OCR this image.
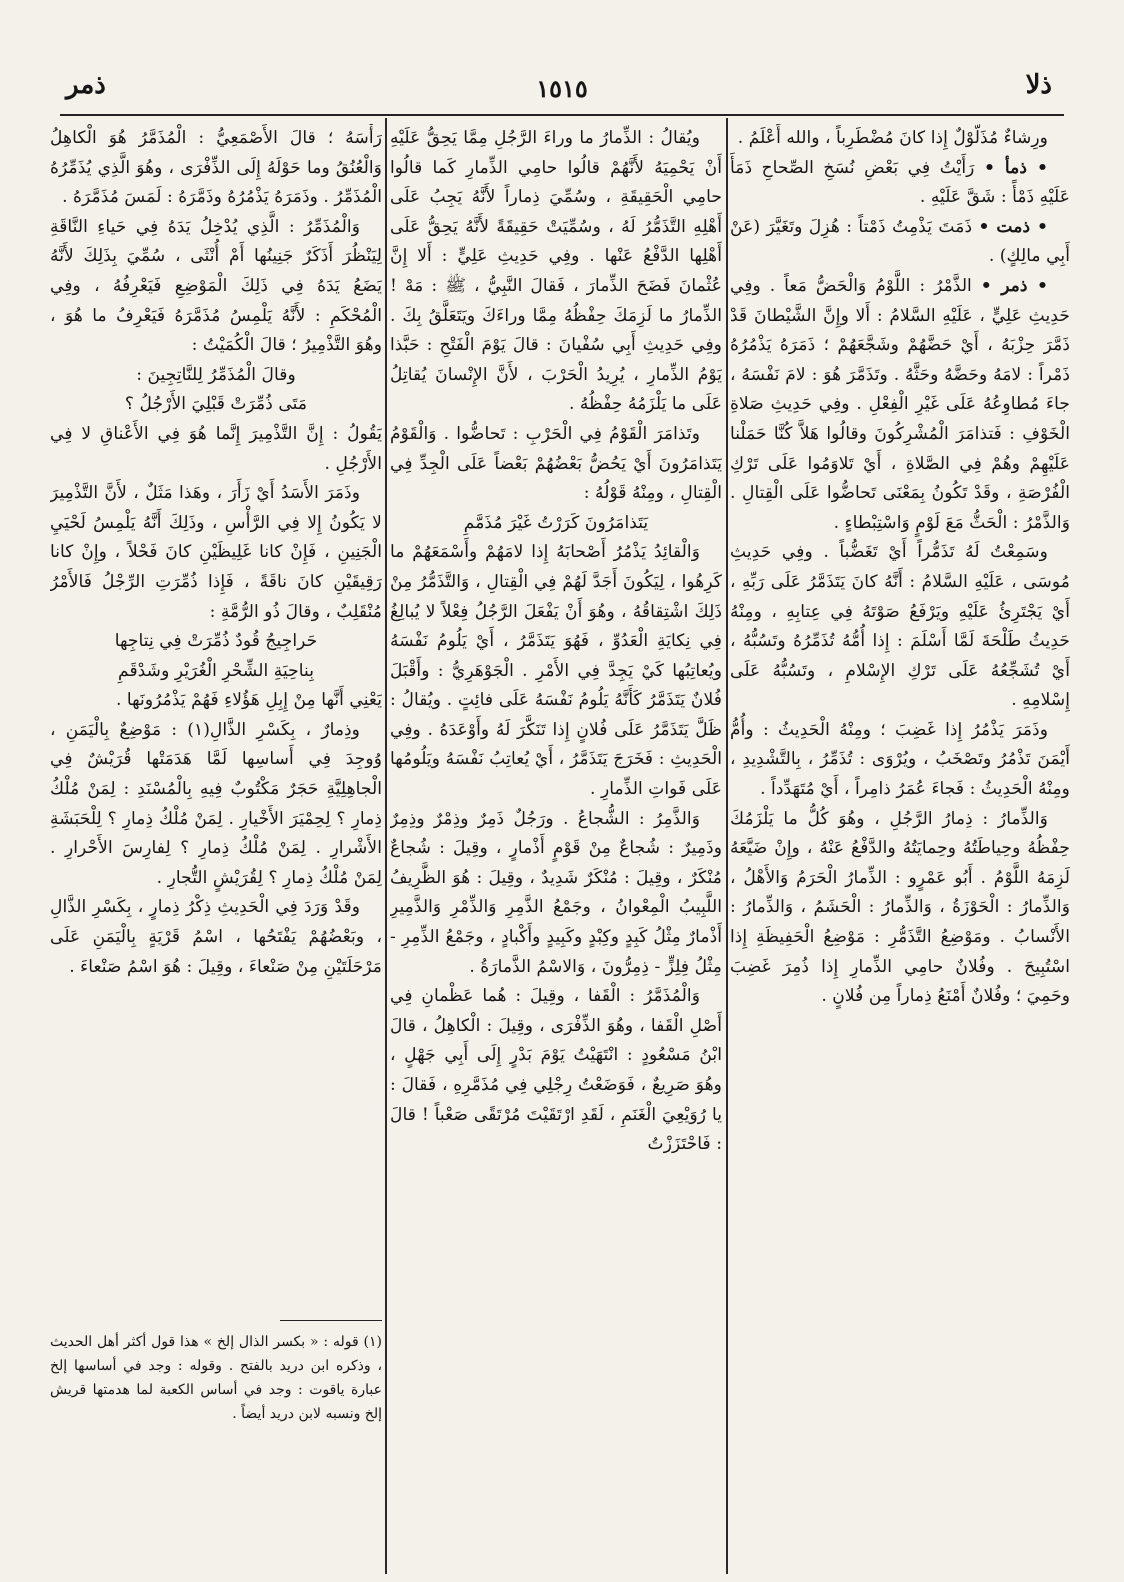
ذمر	١٥١٥	ذلا

ورِشاءٌ مُذَلَّوْلٌ إِذا كانَ مُضْطَرِباً ، والله أَعْلَمُ .

• ذمأ • رَأَيْتُ فِي بَعْضِ نُسَخِ الصِّحاحِ ذَمَأَ عَلَيْهِ ذَمْأً : شَقَّ عَلَيْهِ .

• ذمت • ذَمَتَ يَذْمِتُ ذَمْتاً : هُزِلَ وتَغَيَّرَ (عَنْ أَبِي مالِكٍ) .

• ذمر • الذَّمْرُ : اللَّوْمُ وَالْحَضُّ مَعاً . وفِي حَدِيثِ عَلِيٍّ ، عَلَيْهِ السَّلامُ : أَلا وإِنَّ الشَّيْطانَ قَدْ ذَمَّرَ حِزْبَهُ ، أَيْ حَضَّهُمْ وشَجَّعَهُمْ ؛ ذَمَرَهُ يَذْمُرُهُ ذَمْراً : لامَهُ وحَضَّهُ وحَثَّهُ . وتَذَمَّرَ هُوَ : لامَ نَفْسَهُ ، جاءَ مُطاوِعُهُ عَلَى غَيْرِ الْفِعْلِ . وفِي حَدِيثِ صَلاةِ الْخَوْفِ : فَتذامَرَ الْمُشْرِكُونَ وقالُوا هَلاَّ كُنَّا حَمَلْنا عَلَيْهِمْ وهُمْ فِي الصَّلاةِ ، أَيْ تَلاوَمُوا عَلَى تَرْكِ الْفُرْصَةِ ، وقَدْ تَكُونُ بِمَعْنَى تَحاضُّوا عَلَى الْقِتالِ . وَالذَّمْرُ : الْحَثُّ مَعَ لَوْمٍ وَاسْتِبْطاءٍ .

وسَمِعْتُ لَهُ تَذَمُّراً أَيْ تَغَضُّباً . وفِي حَدِيثِ مُوسَى ، عَلَيْهِ السَّلامُ : أَنَّهُ كانَ يَتَذَمَّرُ عَلَى رَبِّهِ ، أَيْ يَجْتَرِئُ عَلَيْهِ ويَرْفَعُ صَوْتَهُ فِي عِتابِهِ ، ومِنْهُ حَدِيثُ طَلْحَةَ لَمَّا أَسْلَمَ : إِذا أُمُّهُ تُذَمِّرُهُ وتَسُبُّهُ ، أَيْ تُشَجِّعُهُ عَلَى تَرْكِ الإِسْلامِ ، وتَسُبُّهُ عَلَى إِسْلامِهِ .

وذَمَرَ يَذْمُرُ إِذا غَضِبَ ؛ ومِنْهُ الْحَدِيثُ : وأُمُّ أَيْمَنَ تَذْمُرُ وتَصْخَبُ ، ويُرْوَى : تُذَمِّرُ ، بِالتَّشْدِيدِ ، ومِنْهُ الْحَدِيثُ : فَجاءَ عُمَرُ ذامِراً ، أَيْ مُتَهَدِّداً .

وَالذِّمارُ : ذِمارُ الرَّجُلِ ، وهُوَ كُلُّ ما يَلْزَمُكَ حِفْظُهُ وحِياطَتُهُ وحِمايَتُهُ والدَّفْعُ عَنْهُ ، وإِنْ ضَيَّعَهُ لَزِمَهُ اللَّوْمُ . أَبُو عَمْرٍو : الذِّمارُ الْحَرَمُ وَالأَهْلُ ، وَالذِّمارُ : الْحَوْزَةُ ، وَالذِّمارُ : الْحَشَمُ ، وَالذِّمارُ : الأَنْسابُ . ومَوْضِعُ التَّذَمُّرِ : مَوْضِعُ الْحَفِيظَةِ إِذا اسْتُبِيحَ . وفُلانٌ حامِي الذِّمارِ إِذا ذُمِرَ غَضِبَ وحَمِيَ ؛ وفُلانٌ أَمْنَعُ ذِماراً مِن فُلانٍ .

ويُقالُ : الذِّمارُ ما وراءَ الرَّجُلِ مِمَّا يَحِقُّ عَلَيْهِ أَنْ يَحْمِيَهُ لأَنَّهُمْ قالُوا حامِي الذِّمارِ كَما قالُوا حامِي الْحَقِيقَةِ ، وسُمِّيَ ذِماراً لأَنَّهُ يَجِبُ عَلَى أَهْلِهِ التَّذَمُّرُ لَهُ ، وسُمِّيَتْ حَقِيقَةً لأَنَّهُ يَحِقُّ عَلَى أَهْلِها الدَّفْعُ عَنْها . وفِي حَدِيثِ عَلِيٍّ : أَلا إِنَّ عُثْمانَ فَضَحَ الذِّمارَ ، فَقالَ النَّبِيُّ ، ﷺ : مَهْ ! الذِّمارُ ما لَزِمَكَ حِفْظُهُ مِمَّا وراءَكَ ويَتَعَلَّقُ بِكَ . وفِي حَدِيثِ أَبِي سُفْيانَ : قالَ يَوْمَ الْفَتْحِ : حَبَّذا يَوْمُ الذِّمارِ ، يُرِيدُ الْحَرْبَ ، لأَنَّ الإِنْسانَ يُقاتِلُ عَلَى ما يَلْزَمُهُ حِفْظُهُ .

وتَذامَرَ الْقَوْمُ فِي الْحَرْبِ : تَحاضُّوا . وَالْقَوْمُ يَتَذامَرُونَ أَيْ يَحُضُّ بَعْضُهُمْ بَعْضاً عَلَى الْجِدِّ فِي الْقِتالِ ، ومِنْهُ قَوْلُهُ :

يَتَذامَرُونَ كَرَرْتُ غَيْرَ مُذَمَّمِ

وَالْقائِدُ يَذْمُرُ أَصْحابَهُ إِذا لامَهُمْ وأَسْمَعَهُمْ ما كَرِهُوا ، لِيَكُونَ أَجَدَّ لَهُمْ فِي الْقِتالِ ، وَالتَّذَمُّرُ مِنْ ذَلِكَ اشْتِقاقُهُ ، وهُوَ أَنْ يَفْعَلَ الرَّجُلُ فِعْلاً لا يُبالِغُ فِي نِكايَةِ الْعَدُوِّ ، فَهُوَ يَتَذَمَّرُ ، أَيْ يَلُومُ نَفْسَهُ ويُعاتِبُها كَيْ يَجِدَّ فِي الأَمْرِ . الْجَوْهَرِيُّ : وأَقْبَلَ فُلانٌ يَتَذَمَّرُ كَأَنَّهُ يَلُومُ نَفْسَهُ عَلَى فائِتٍ . ويُقالُ : ظَلَّ يَتَذَمَّرُ عَلَى فُلانٍ إِذا تَنَكَّرَ لَهُ وأَوْعَدَهُ . وفِي الْحَدِيثِ : فَخَرَجَ يَتَذَمَّرُ ، أَيْ يُعاتِبُ نَفْسَهُ ويَلُومُها عَلَى فَواتِ الذِّمارِ .

وَالذَّمِرُ : الشُّجاعُ . ورَجُلٌ ذَمِرٌ وذِمْرٌ وذِمِرٌ وذَمِيرٌ : شُجاعٌ مِنْ قَوْمٍ أَذْمارٍ ، وقِيلَ : شُجاعٌ مُنْكَرٌ ، وقِيلَ : مُنْكَرٌ شَدِيدٌ ، وقِيلَ : هُوَ الظَّرِيفُ اللَّبِيبُ الْمِعْوانُ ، وجَمْعُ الذَّمِرِ وَالذِّمْرِ وَالذَّمِيرِ أَذْمارٌ مِثْلُ كَبِدٍ وكِبْدٍ وكَبِيدٍ وأَكْبادٍ ، وجَمْعُ الذِّمِرِ - مِثْلُ فِلِزٍّ - ذِمِرُّونَ ، وَالاسْمُ الذَّمارَةُ .

وَالْمُذَمَّرُ : الْقَفا ، وقِيلَ : هُما عَظْمانِ فِي أَصْلِ الْقَفا ، وهُوَ الذِّفْرَى ، وقِيلَ : الْكاهِلُ ، قالَ ابْنُ مَسْعُودٍ : انْتَهَيْتُ يَوْمَ بَدْرٍ إِلَى أَبِي جَهْلٍ ، وهُوَ صَرِيعٌ ، فَوَضَعْتُ رِجْلِي فِي مُذَمَّرِهِ ، فَقالَ : يا رُوَيْعِيَ الْغَنَمِ ، لَقَدِ ارْتَقَيْتَ مُرْتَقًى صَعْباً ! قالَ : فَاحْتَزَزْتُ

رَأْسَهُ ؛ قالَ الأَصْمَعِيُّ : الْمُذَمَّرُ هُوَ الْكاهِلُ وَالْعُنُقُ وما حَوْلَهُ إِلَى الذِّفْرَى ، وهُوَ الَّذِي يُذَمِّرُهُ الْمُذَمِّرُ . وذَمَرَهُ يَذْمُرُهُ وذَمَّرَهُ : لَمَسَ مُذَمَّرَهُ .

وَالْمُذَمِّرُ : الَّذِي يُدْخِلُ يَدَهُ فِي حَياءِ النَّاقَةِ لِيَنْظُرَ أَذَكَرٌ جَنِينُها أَمْ أُنْثَى ، سُمِّيَ بِذَلِكَ لأَنَّهُ يَضَعُ يَدَهُ فِي ذَلِكَ الْمَوْضِعِ فَيَعْرِفُهُ ، وفِي الْمُحْكَمِ : لأَنَّهُ يَلْمِسُ مُذَمَّرَهُ فَيَعْرِفُ ما هُوَ ، وهُوَ التَّذْمِيرُ ؛ قالَ الْكُمَيْتُ :

وقالَ الْمُذَمِّرُ لِلنَّاتِجِينَ :

مَتَى ذُمِّرَتْ قَبْلِيَ الأَرْجُلُ ؟

يَقُولُ : إِنَّ التَّذْمِيرَ إِنَّما هُوَ فِي الأَعْناقِ لا فِي الأَرْجُلِ .

وذَمَرَ الأَسَدُ أَيْ زَأَرَ ، وهَذا مَثَلٌ ، لأَنَّ التَّذْمِيرَ لا يَكُونُ إِلا فِي الرَّأْسِ ، وذَلِكَ أَنَّهُ يَلْمِسُ لَحْيَيِ الْجَنِينِ ، فَإِنْ كانا غَلِيظَيْنِ كانَ فَحْلاً ، وإِنْ كانا رَقِيقَيْنِ كانَ ناقَةً ، فَإِذا ذُمِّرَتِ الرِّجْلُ فَالأَمْرُ مُنْقَلِبٌ ، وقالَ ذُو الرُّمَّةِ :

حَراجِيجُ قُودٌ ذُمِّرَتْ فِي نِتاجِها

بِناحِيَةِ الشِّحْرِ الْغُرَيْرِ وشَدْقَمِ

يَعْنِي أَنَّها مِنْ إِبِلِ هَؤُلاءِ فَهُمْ يَذْمُرُونَها .

وذِمارٌ ، بِكَسْرِ الذَّالِ(١) : مَوْضِعٌ بِالْيَمَنِ ، وُوجِدَ فِي أَساسِها لَمَّا هَدَمَتْها قُرَيْشٌ فِي الْجاهِلِيَّةِ حَجَرٌ مَكْتُوبٌ فِيهِ بِالْمُسْنَدِ : لِمَنْ مُلْكُ ذِمارِ ؟ لِحِمْيَرَ الأَخْيارِ . لِمَنْ مُلْكُ ذِمارِ ؟ لِلْحَبَشَةِ الأَشْرارِ . لِمَنْ مُلْكُ ذِمارِ ؟ لِفارِسَ الأَحْرارِ . لِمَنْ مُلْكُ ذِمارِ ؟ لِقُرَيْشٍ التُّجارِ .

وقَدْ وَرَدَ فِي الْحَدِيثِ ذِكْرُ ذِمارٍ ، بِكَسْرِ الذَّالِ ، وبَعْضُهُمْ يَفْتَحُها ، اسْمُ قَرْيَةٍ بِالْيَمَنِ عَلَى مَرْحَلَتَيْنِ مِنْ صَنْعاءَ ، وقِيلَ : هُوَ اسْمُ صَنْعاءَ .

(١) قوله : « بكسر الذال إلخ » هذا قول أكثر أهل الحديث ، وذكره ابن دريد بالفتح . وقوله : وجد في أساسها إلخ عبارة ياقوت : وجد في أساس الكعبة لما هدمتها قريش إلخ ونسبه لابن دريد أيضاً .
